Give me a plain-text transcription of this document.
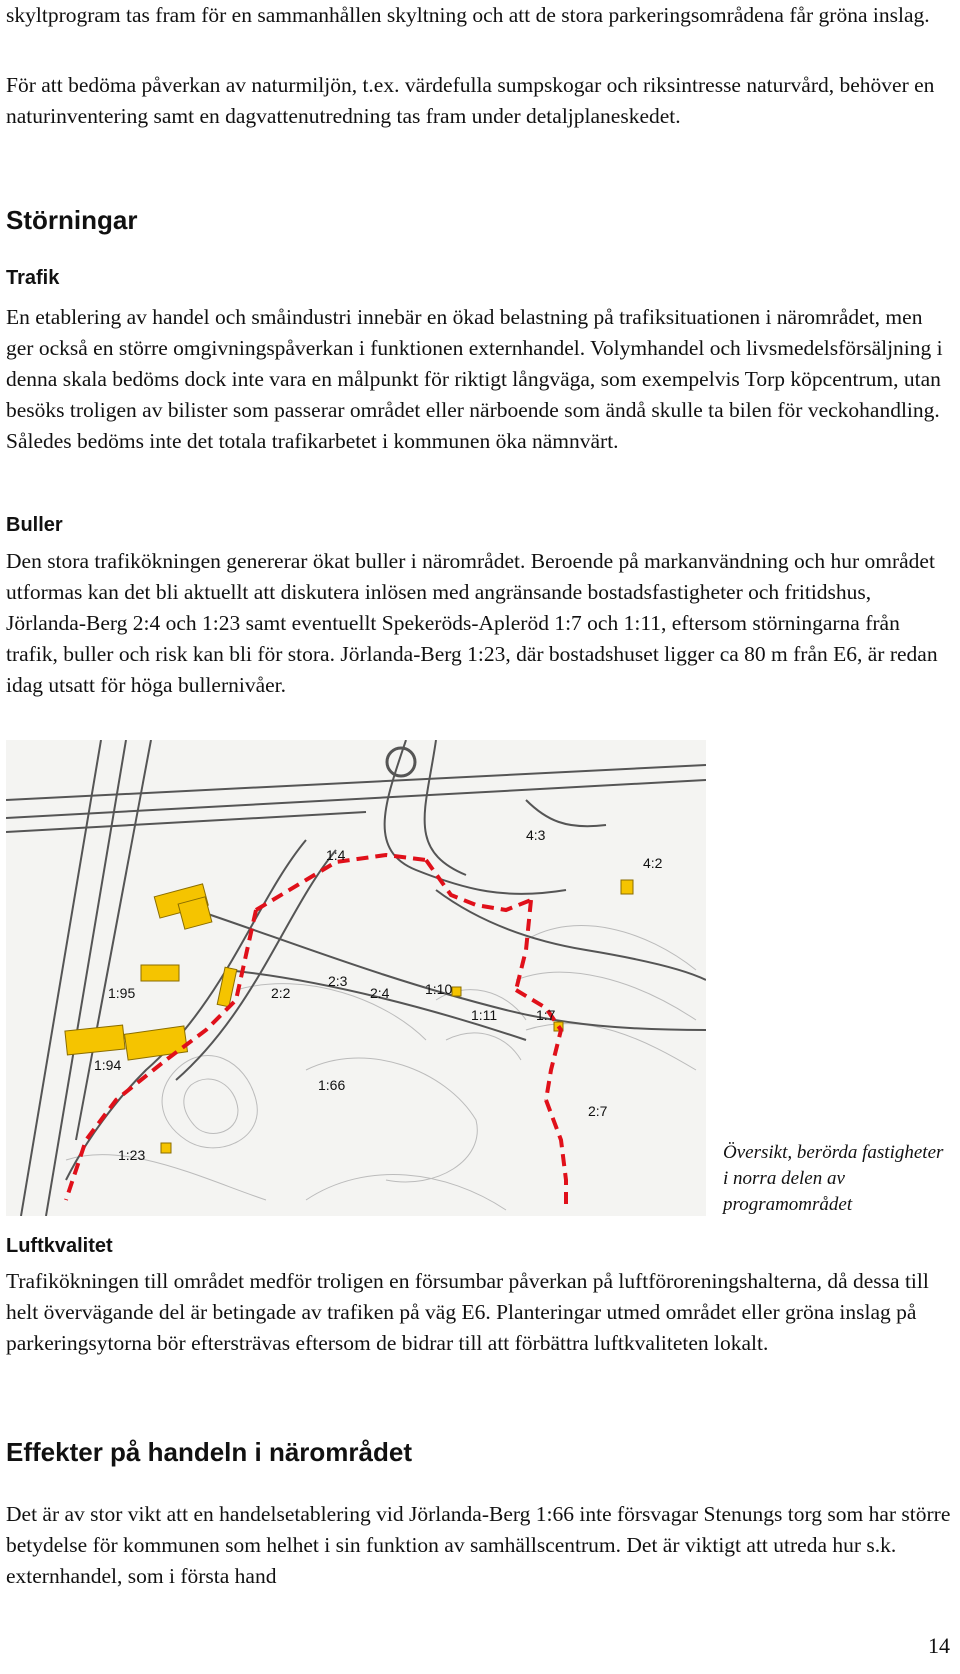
skyltprogram tas fram för en sammanhållen skyltning och att de stora parkeringsområdena får gröna inslag.

För att bedöma påverkan av naturmiljön, t.ex. värdefulla sumpskogar och riksintresse naturvård, behöver en naturinventering samt en dagvattenutredning tas fram under detaljplaneskedet.

Störningar
Trafik

En etablering av handel och småindustri innebär en ökad belastning på trafiksituationen i närområdet, men ger också en större omgivningspåverkan i funktionen externhandel. Volymhandel och livsmedelsförsäljning i denna skala bedöms dock inte vara en målpunkt för riktigt långväga, som exempelvis Torp köpcentrum, utan besöks troligen av bilister som passerar området eller närboende som ändå skulle ta bilen för veckohandling. Således bedöms inte det totala trafikarbetet i kommunen öka nämnvärt.

Buller

Den stora trafikökningen genererar ökat buller i närområdet. Beroende på markanvändning och hur området utformas kan det bli aktuellt att diskutera inlösen med angränsande bostadsfastigheter och fritidshus, Jörlanda-Berg 2:4 och 1:23 samt eventuellt Spekeröds-Apleröd 1:7 och 1:11, eftersom störningarna från trafik, buller och risk kan bli för stora. Jörlanda-Berg 1:23, där bostadshuset ligger ca 80 m från E6, är redan idag utsatt för höga bullernivåer.

1:4
4:3
4:2
1:95	2:2
2:3
2:4	1:10
1:11	1:7
1:94
1:66
2:7
1:23	Översikt, berörda fastigheter i norra delen av programområdet

Luftkvalitet

Trafikökningen till området medför troligen en försumbar påverkan på luftföroreningshalterna, då dessa till helt övervägande del är betingade av trafiken på väg E6. Planteringar utmed området eller gröna inslag på parkeringsytorna bör eftersträvas eftersom de bidrar till att förbättra luftkvaliteten lokalt.

Effekter på handeln i närområdet

Det är av stor vikt att en handelsetablering vid Jörlanda-Berg 1:66 inte försvagar Stenungs torg som har större betydelse för kommunen som helhet i sin funktion av samhällscentrum. Det är viktigt att utreda hur s.k. externhandel, som i första hand

14
